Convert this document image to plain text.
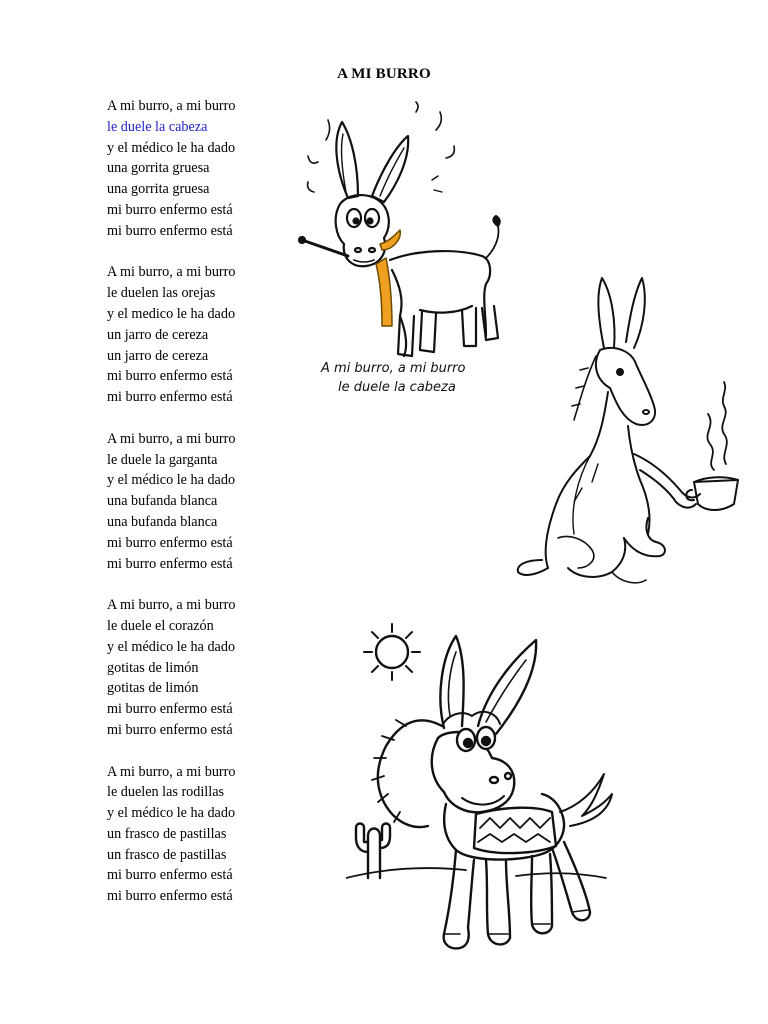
A MI BURRO
A mi burro, a mi burro
le duele la cabeza
y el médico le ha dado
una gorrita gruesa
una gorrita gruesa
mi burro enfermo está
mi burro enfermo está
A mi burro, a mi burro
le duelen las orejas
y el medico le ha dado
un jarro de cereza
un jarro de cereza
mi burro enfermo está
mi burro enfermo está
A mi burro, a mi burro
le duele la garganta
y el médico le ha dado
una bufanda blanca
una bufanda blanca
mi burro enfermo está
mi burro enfermo está
A mi burro, a mi burro
le duele el corazón
y el médico le ha dado
gotitas de limón
gotitas de limón
mi burro enfermo está
mi burro enfermo está
A mi burro, a mi burro
le duelen las rodillas
y el médico le ha dado
un frasco de pastillas
un frasco de pastillas
mi burro enfermo está
mi burro enfermo está
A mi burro, a mi burro
le duele la cabeza
